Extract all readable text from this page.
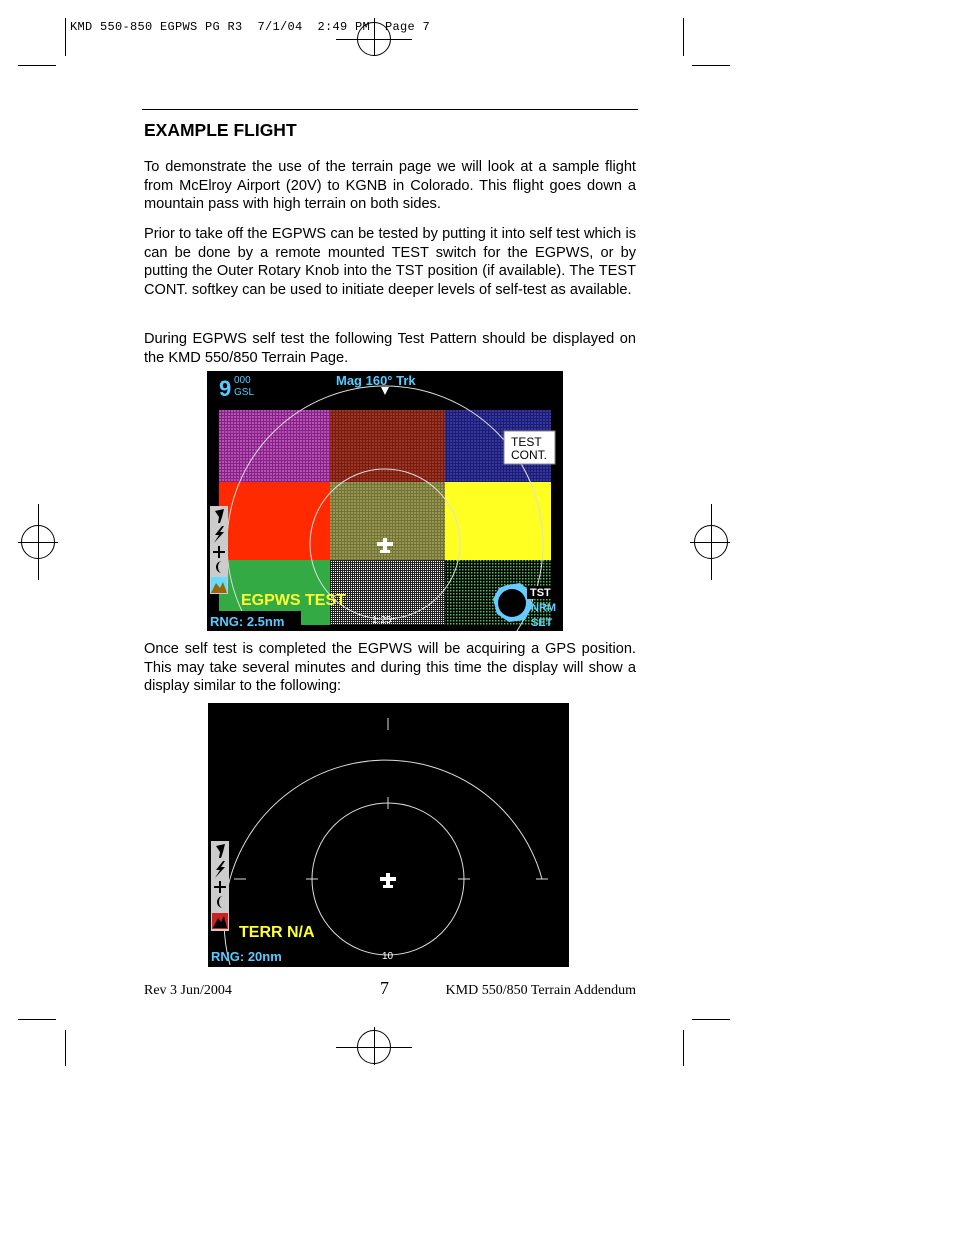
KMD 550-850 EGPWS PG R3  7/1/04  2:49 PM  Page 7
EXAMPLE FLIGHT

To demonstrate the use of the terrain page we will look at a sample flight from McElroy Airport (20V) to KGNB in Colorado. This flight goes down a mountain pass with high terrain on both sides.

Prior to take off the EGPWS can be tested by putting it into self test which is can be done by a remote mounted TEST switch for the EGPWS, or by putting the Outer Rotary Knob into the TST position (if available). The TEST CONT. softkey can be used to initiate deeper levels of self-test as available.

During EGPWS self test the following Test Pattern should be displayed on the KMD 550/850 Terrain Page.

TEST
CONT.
9 000
GSL
Mag 160° Trk
EGPWS TEST
1.25
RNG: 2.5nm
TST
NRM
SET

Once self test is completed the EGPWS will be acquiring a GPS position. This may take several minutes and during this time the display will show a display similar to the following:

TERR N/A
10
RNG: 20nm
Rev 3 Jun/2004	7	KMD 550/850 Terrain Addendum
